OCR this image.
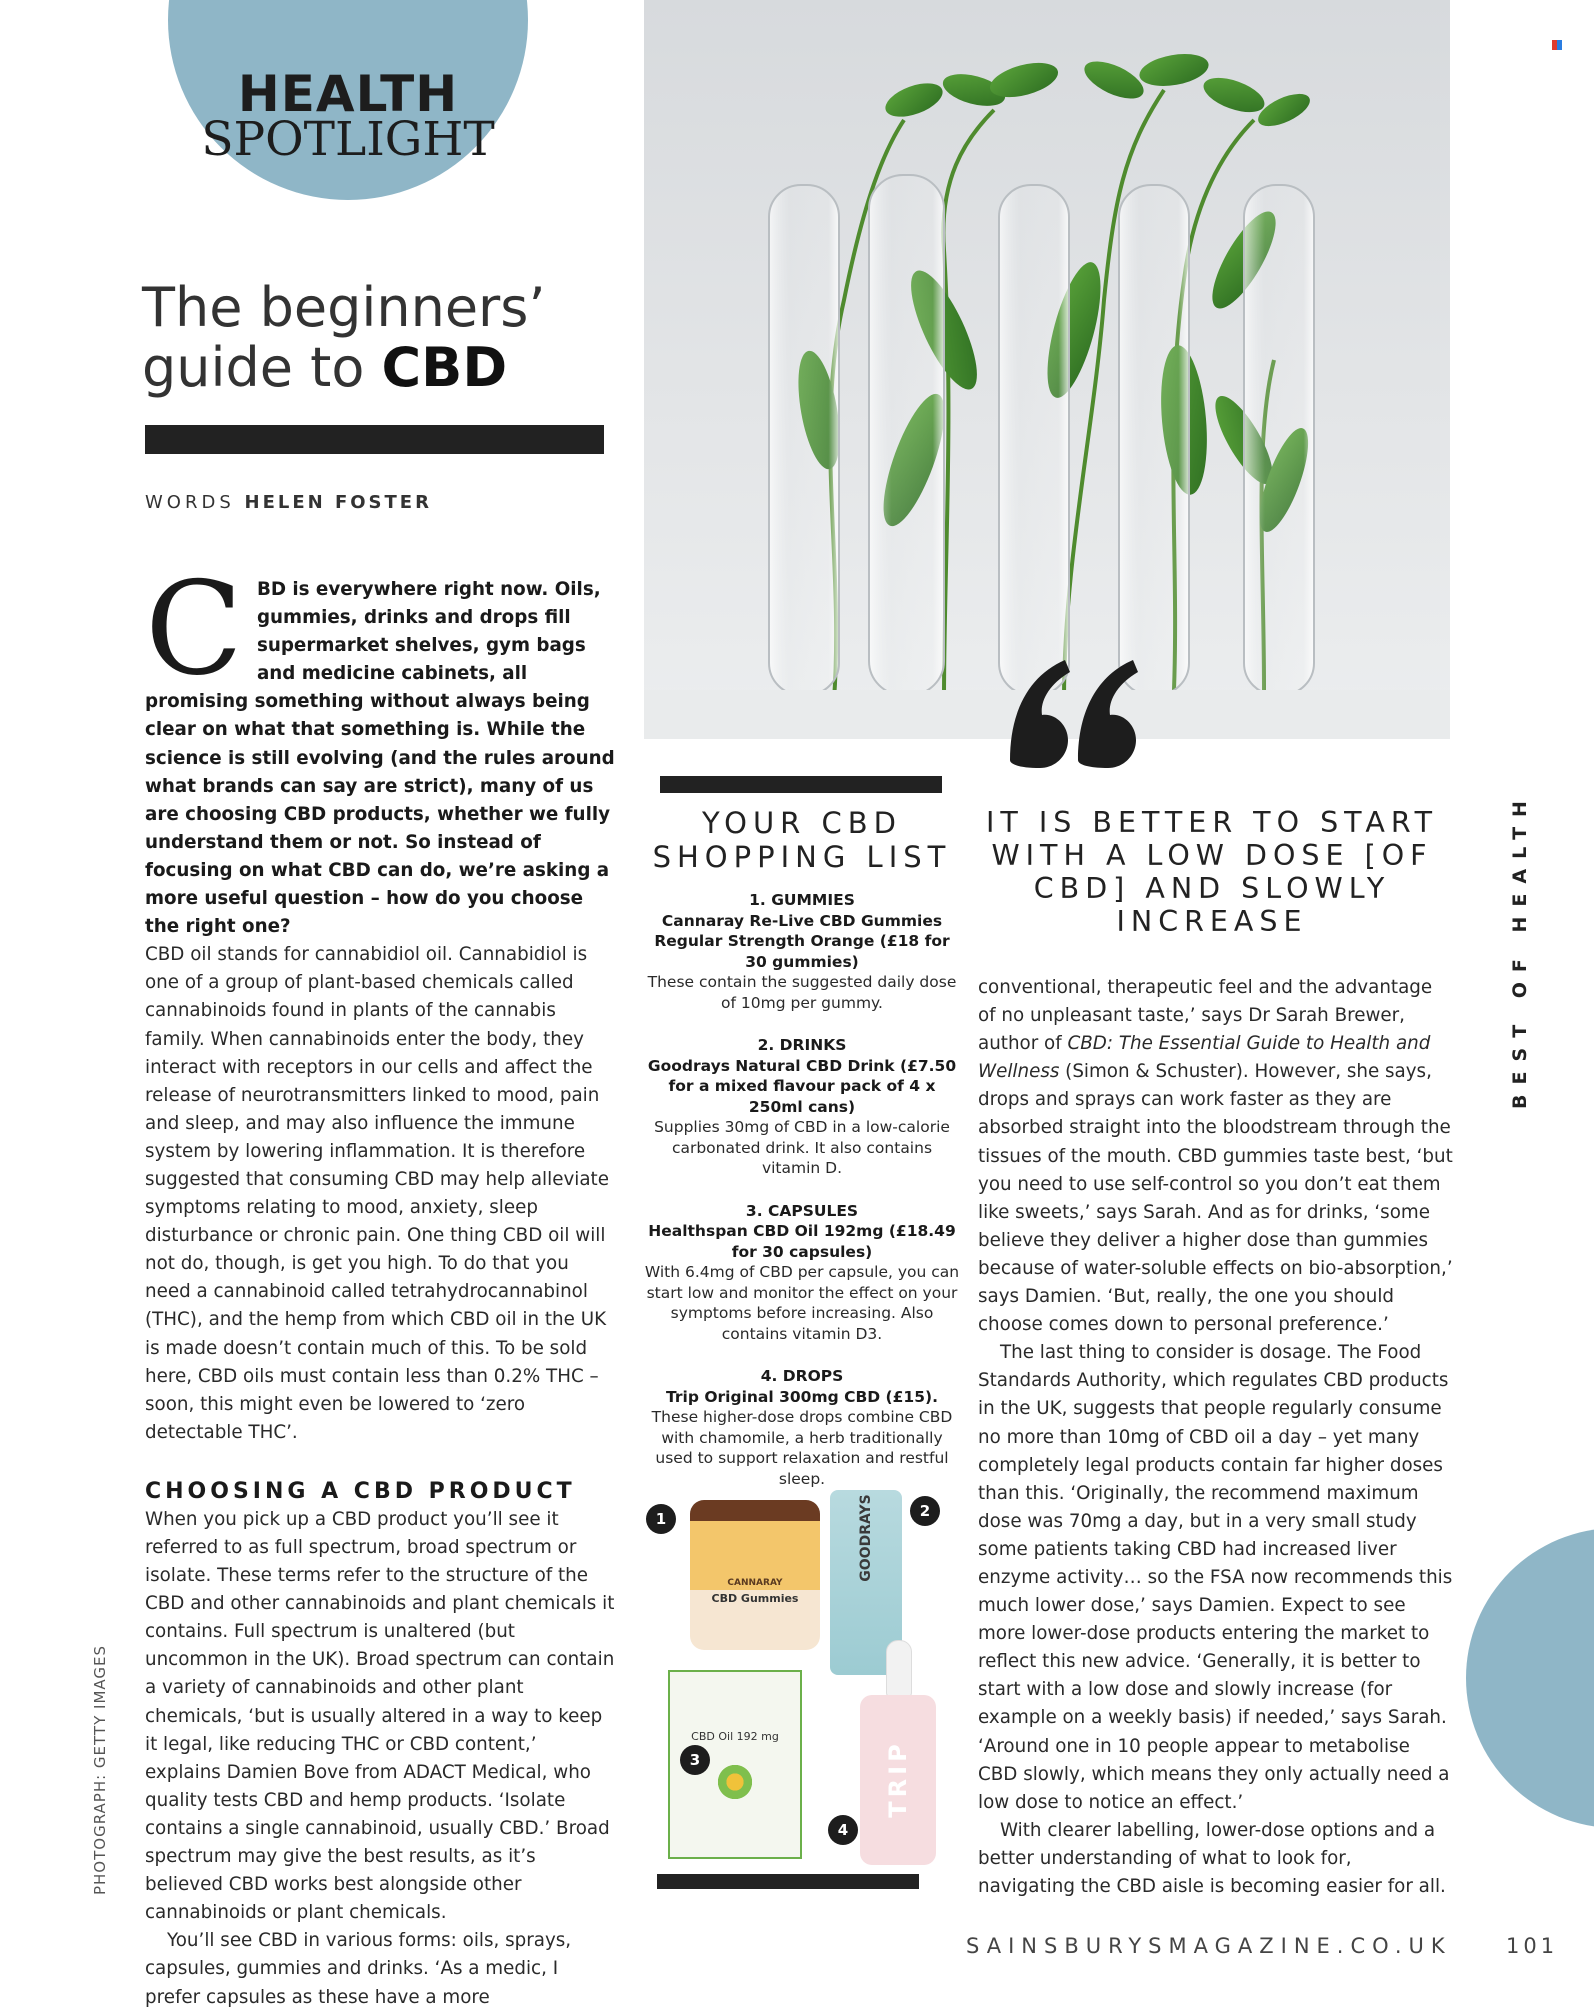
HEALTH
SPOTLIGHT
The beginners’
guide to CBD
WORDS HELEN FOSTER
C BD is everywhere right now. Oils, gummies, drinks and drops fill supermarket shelves, gym bags and medicine cabinets, all promising something without always being clear on what that something is. While the science is still evolving (and the rules around what brands can say are strict), many of us are choosing CBD products, whether we fully understand them or not. So instead of focusing on what CBD can do, we’re asking a more useful question – how do you choose the right one?

CBD oil stands for cannabidiol oil. Cannabidiol is one of a group of plant-based chemicals called cannabinoids found in plants of the cannabis family. When cannabinoids enter the body, they interact with receptors in our cells and affect the release of neurotransmitters linked to mood, pain and sleep, and may also influence the immune system by lowering inflammation. It is therefore suggested that consuming CBD may help alleviate symptoms relating to mood, anxiety, sleep disturbance or chronic pain. One thing CBD oil will not do, though, is get you high. To do that you need a cannabinoid called tetrahydrocannabinol (THC), and the hemp from which CBD oil in the UK is made doesn’t contain much of this. To be sold here, CBD oils must contain less than 0.2% THC – soon, this might even be lowered to ‘zero detectable THC’.

CHOOSING A CBD PRODUCT

When you pick up a CBD product you’ll see it referred to as full spectrum, broad spectrum or isolate. These terms refer to the structure of the CBD and other cannabinoids and plant chemicals it contains. Full spectrum is unaltered (but uncommon in the UK). Broad spectrum can contain a variety of cannabinoids and other plant chemicals, ‘but is usually altered in a way to keep it legal, like reducing THC or CBD content,’ explains Damien Bove from ADACT Medical, who quality tests CBD and hemp products. ‘Isolate contains a single cannabinoid, usually CBD.’ Broad spectrum may give the best results, as it’s believed CBD works best alongside other cannabinoids or plant chemicals.

You’ll see CBD in various forms: oils, sprays, capsules, gummies and drinks. ‘As a medic, I prefer capsules as these have a more

YOUR CBD
SHOPPING LIST
1. GUMMIES
Cannaray Re-Live CBD Gummies Regular Strength Orange (£18 for 30 gummies)
These contain the suggested daily dose of 10mg per gummy.
2. DRINKS
Goodrays Natural CBD Drink (£7.50 for a mixed flavour pack of 4 x 250ml cans)
Supplies 30mg of CBD in a low-calorie carbonated drink. It also contains vitamin D.
3. CAPSULES
Healthspan CBD Oil 192mg (£18.49 for 30 capsules)
With 6.4mg of CBD per capsule, you can start low and monitor the effect on your symptoms before increasing. Also contains vitamin D3.
4. DROPS
Trip Original 300mg CBD (£15).
These higher-dose drops combine CBD with chamomile, a herb traditionally used to support relaxation and restful sleep.
CANNARAY
CBD Gummies
GOODRAYS
CBD Oil 192 mg
TRIP
1	2
3
4
IT IS BETTER TO START WITH A LOW DOSE [OF CBD] AND SLOWLY INCREASE

conventional, therapeutic feel and the advantage of no unpleasant taste,’ says Dr Sarah Brewer, author of CBD: The Essential Guide to Health and Wellness (Simon & Schuster). However, she says, drops and sprays can work faster as they are absorbed straight into the bloodstream through the tissues of the mouth. CBD gummies taste best, ‘but you need to use self-control so you don’t eat them like sweets,’ says Sarah. And as for drinks, ‘some believe they deliver a higher dose than gummies because of water-soluble effects on bio-absorption,’ says Damien. ‘But, really, the one you should choose comes down to personal preference.’

The last thing to consider is dosage. The Food Standards Authority, which regulates CBD products in the UK, suggests that people regularly consume no more than 10mg of CBD oil a day – yet many completely legal products contain far higher doses than this. ‘Originally, the recommend maximum dose was 70mg a day, but in a very small study some patients taking CBD had increased liver enzyme activity… so the FSA now recommends this much lower dose,’ says Damien. Expect to see more lower-dose products entering the market to reflect this new advice. ‘Generally, it is better to start with a low dose and slowly increase (for example on a weekly basis) if needed,’ says Sarah. ‘Around one in 10 people appear to metabolise CBD slowly, which means they only actually need a low dose to notice an effect.’

With clearer labelling, lower-dose options and a better understanding of what to look for, navigating the CBD aisle is becoming easier for all.

BEST OF HEALTH
PHOTOGRAPH: GETTY IMAGES
SAINSBURYSMAGAZINE.CO.UK	101
